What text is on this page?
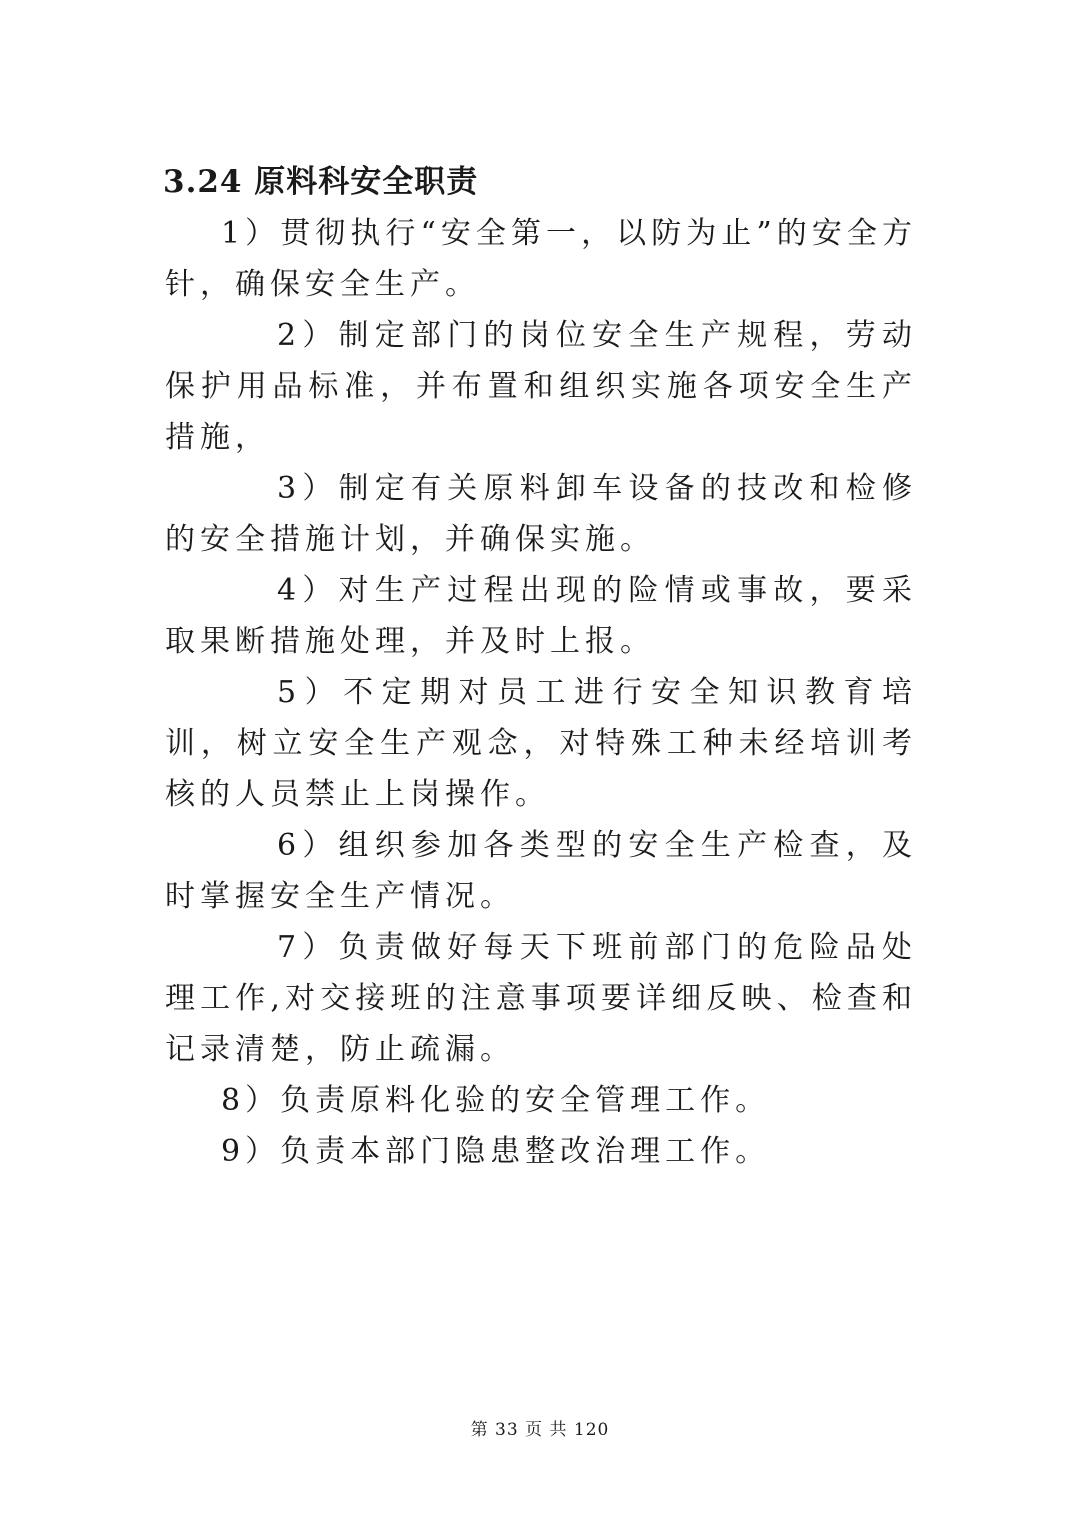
3.24 原料科安全职责

1）贯彻执行“安全第一，以防为止”的安全方针，确保安全生产。

2）制定部门的岗位安全生产规程，劳动保护用品标准，并布置和组织实施各项安全生产措施，

3）制定有关原料卸车设备的技改和检修的安全措施计划，并确保实施。

4）对生产过程出现的险情或事故，要采取果断措施处理，并及时上报。

5）不定期对员工进行安全知识教育培训，树立安全生产观念，对特殊工种未经培训考核的人员禁止上岗操作。

6）组织参加各类型的安全生产检查，及时掌握安全生产情况。

7）负责做好每天下班前部门的危险品处理工作,对交接班的注意事项要详细反映、检查和记录清楚，防止疏漏。

8）负责原料化验的安全管理工作。

9）负责本部门隐患整改治理工作。

第 33 页 共 120
